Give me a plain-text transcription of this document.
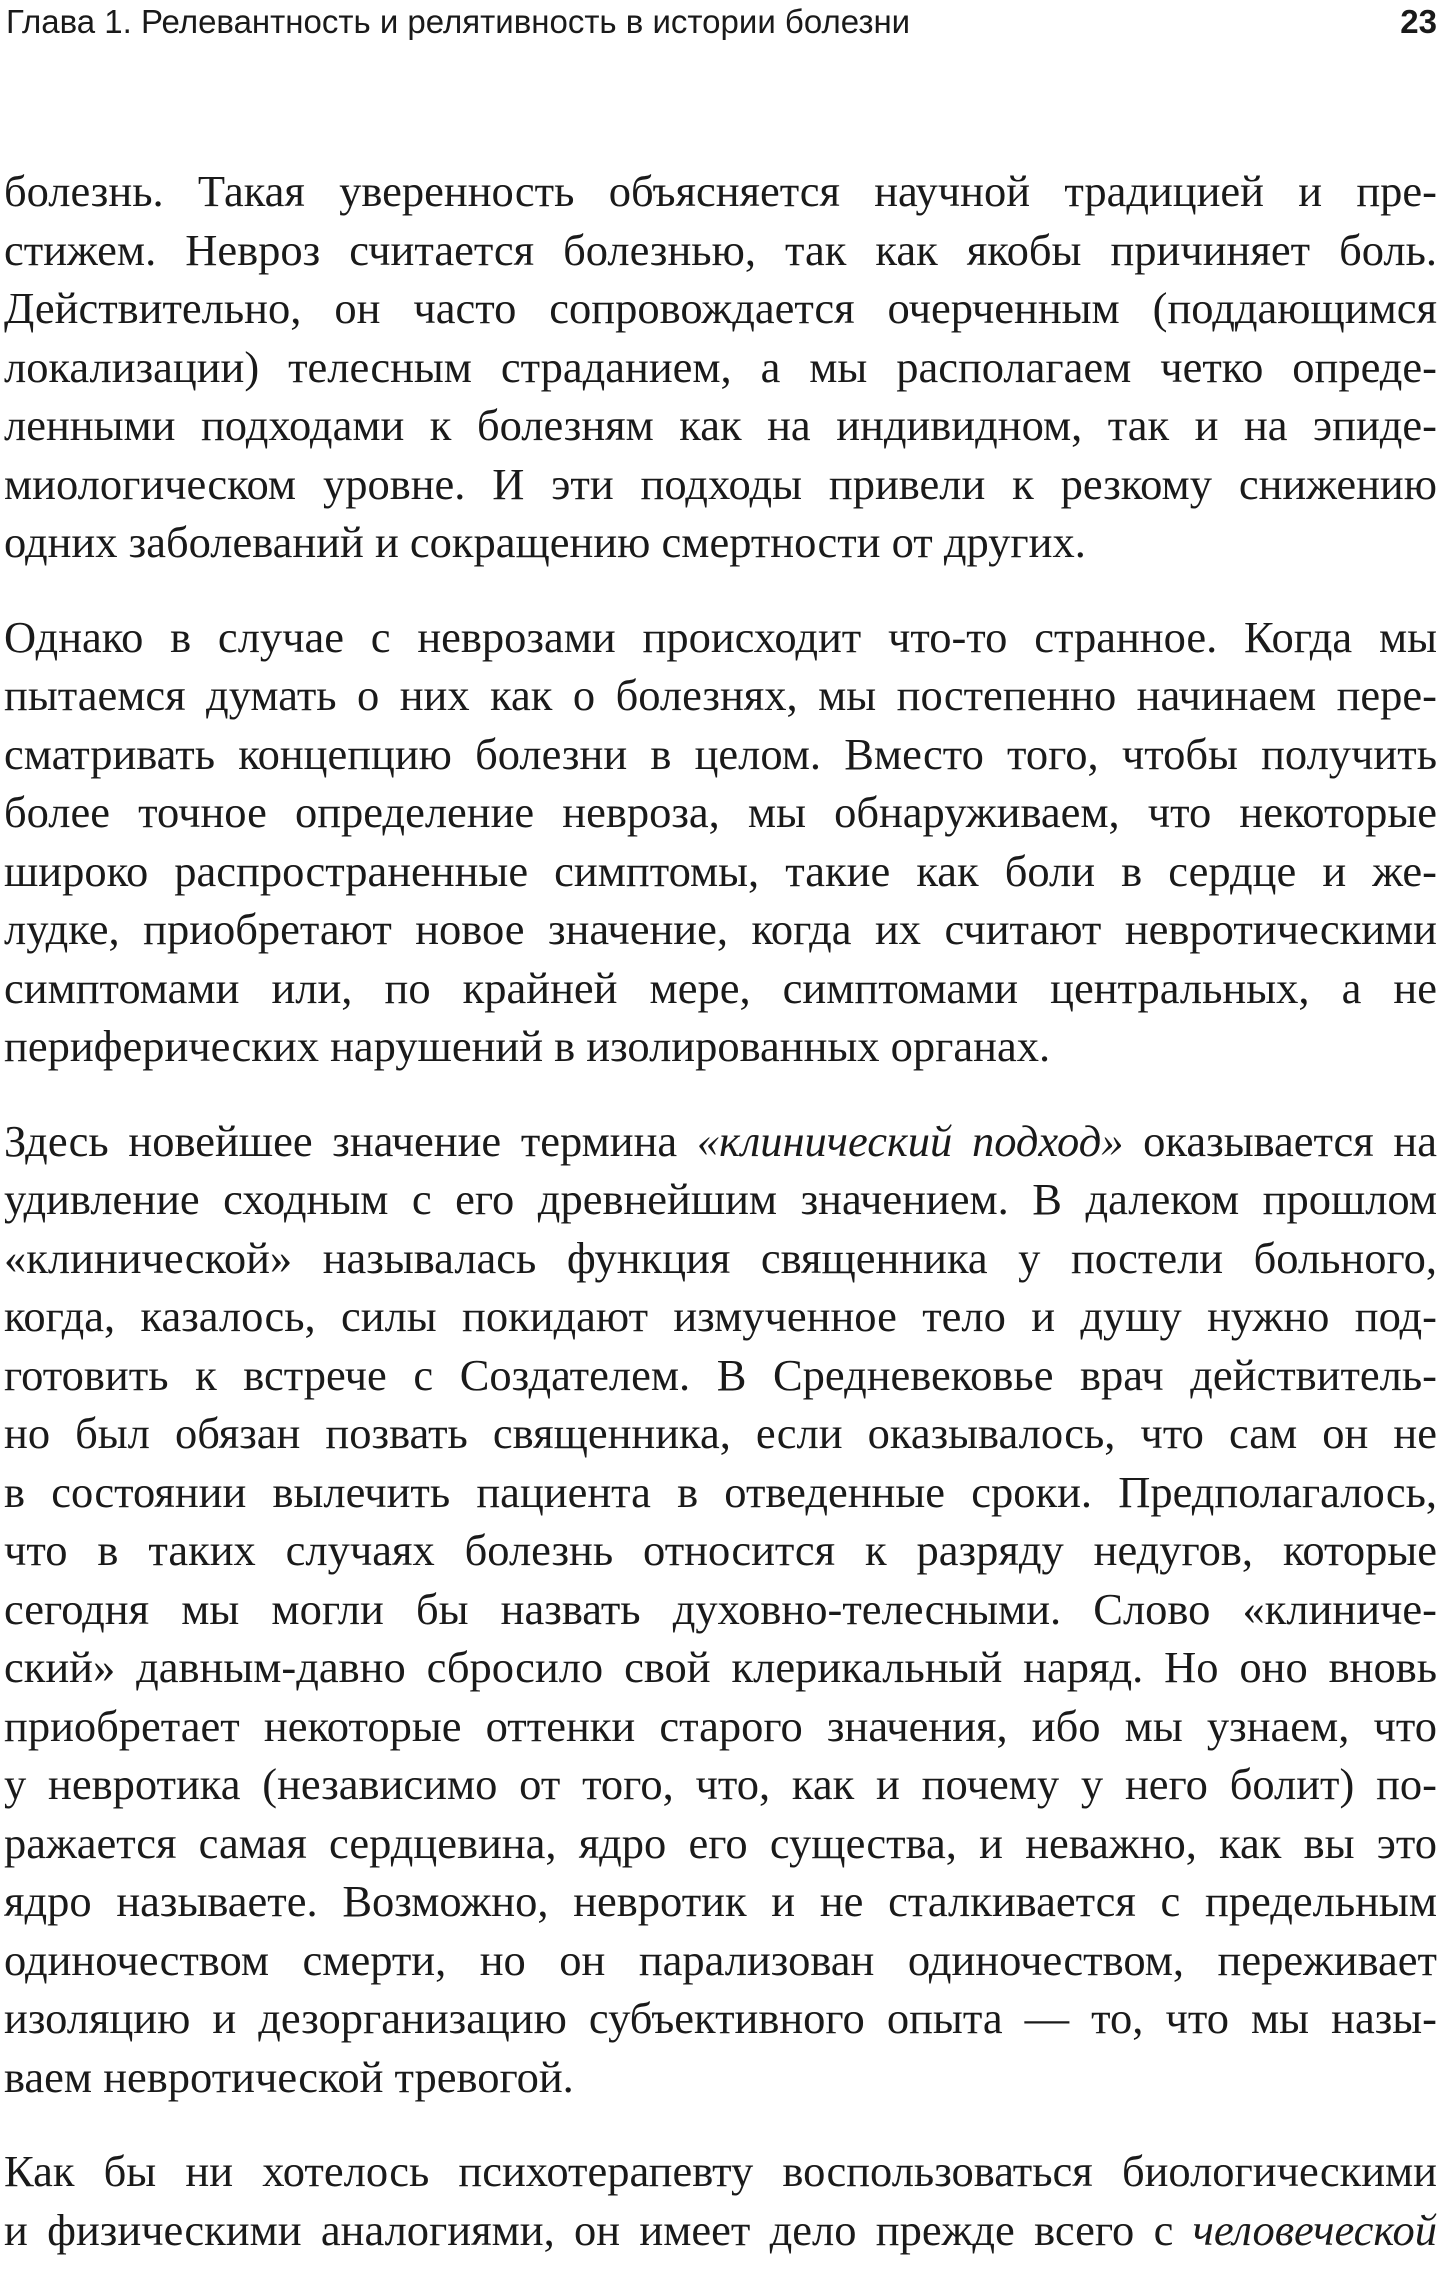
Глава 1. Релевантность и релятивность в истории болезни	23
болезнь. Такая уверенность объясняется научной традицией и пре-
стижем. Невроз считается болезнью, так как якобы причиняет боль.
Действительно, он часто сопровождается очерченным (поддающимся
локализации) телесным страданием, а мы располагаем четко опреде-
ленными подходами к болезням как на индивидном, так и на эпиде-
миологическом уровне. И эти подходы привели к резкому снижению
одних заболеваний и сокращению смертности от других.
Однако в случае с неврозами происходит что-то странное. Когда мы
пытаемся думать о них как о болезнях, мы постепенно начинаем пере-
сматривать концепцию болезни в целом. Вместо того, чтобы получить
более точное определение невроза, мы обнаруживаем, что некоторые
широко распространенные симптомы, такие как боли в сердце и же-
лудке, приобретают новое значение, когда их считают невротическими
симптомами или, по крайней мере, симптомами центральных, а не
периферических нарушений в изолированных органах.
Здесь новейшее значение термина «клинический подход» оказывается на
удивление сходным с его древнейшим значением. В далеком прошлом
«клинической» называлась функция священника у постели больного,
когда, казалось, силы покидают измученное тело и душу нужно под-
готовить к встрече с Создателем. В Средневековье врач действитель-
но был обязан позвать священника, если оказывалось, что сам он не
в состоянии вылечить пациента в отведенные сроки. Предполагалось,
что в таких случаях болезнь относится к разряду недугов, которые
сегодня мы могли бы назвать духовно-телесными. Слово «клиниче-
ский» давным-давно сбросило свой клерикальный наряд. Но оно вновь
приобретает некоторые оттенки старого значения, ибо мы узнаем, что
у невротика (независимо от того, что, как и почему у него болит) по-
ражается самая сердцевина, ядро его существа, и неважно, как вы это
ядро называете. Возможно, невротик и не сталкивается с предельным
одиночеством смерти, но он парализован одиночеством, переживает
изоляцию и дезорганизацию субъективного опыта — то, что мы назы-
ваем невротической тревогой.
Как бы ни хотелось психотерапевту воспользоваться биологическими
и физическими аналогиями, он имеет дело прежде всего с человеческой
